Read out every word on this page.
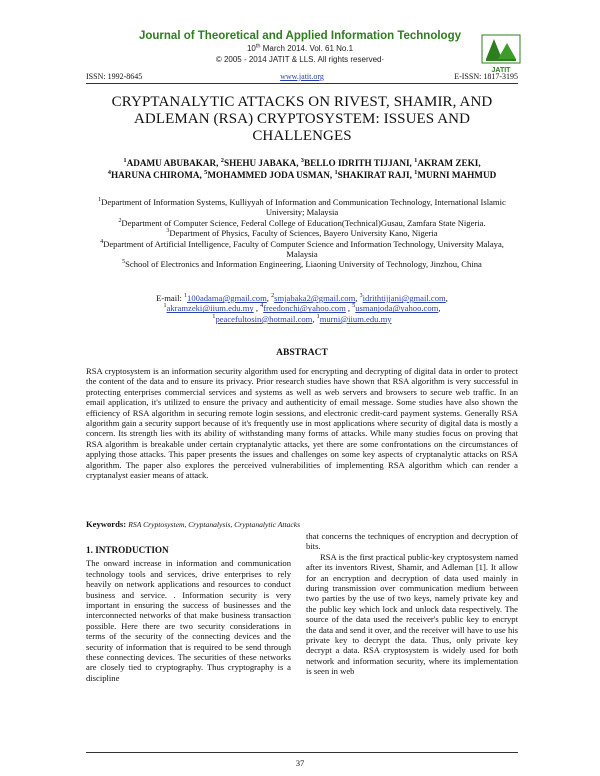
Journal of Theoretical and Applied Information Technology
10th March 2014. Vol. 61 No.1
© 2005 - 2014 JATIT & LLS. All rights reserved·
JATIT
ISSN: 1992-8645	www.jatit.org	E-ISSN: 1817-3195
CRYPTANALYTIC ATTACKS ON RIVEST, SHAMIR, AND ADLEMAN (RSA) CRYPTOSYSTEM: ISSUES AND CHALLENGES
$^1$ADAMU ABUBAKAR, $^2$SHEHU JABAKA, $^3$BELLO IDRITH TIJJANI, $^1$AKRAM ZEKI,
$^4$HARUNA CHIROMA, $^5$MOHAMMED JODA USMAN, $^1$SHAKIRAT RAJI, $^1$MURNI MAHMUD
$^1$Department of Information Systems, Kulliyyah of Information and Communication Technology, International Islamic University; Malaysia
$^2$Department of Computer Science, Federal College of Education(Technical)Gusau, Zamfara State Nigeria.
$^3$Department of Physics, Faculty of Sciences, Bayero University Kano, Nigeria
$^4$Department of Artificial Intelligence, Faculty of Computer Science and Information Technology, University Malaya, Malaysia
$^5$School of Electronics and Information Engineering, Liaoning University of Technology, Jinzhou, China
E-mail: $^1$100adama@gmail.com, $^2$smjabaka2@gmail.com, $^3$idrithtijjani@gmail.com,
$^1$akramzeki@iium.edu.my , $^4$freedonchi@yahoo.com , $^5$usmanjoda@yahoo.com,
$^1$peacefultosin@hotmail.com, $^1$murni@iium.edu.my
ABSTRACT
RSA cryptosystem is an information security algorithm used for encrypting and decrypting of digital data in order to protect the content of the data and to ensure its privacy. Prior research studies have shown that RSA algorithm is very successful in protecting enterprises commercial services and systems as well as web servers and browsers to secure web traffic. In an email application, it's utilized to ensure the privacy and authenticity of email message. Some studies have also shown the efficiency of RSA algorithm in securing remote login sessions, and electronic credit-card payment systems. Generally RSA algorithm gain a security support because of it's frequently use in most applications where security of digital data is mostly a concern. Its strength lies with its ability of withstanding many forms of attacks. While many studies focus on proving that RSA algorithm is breakable under certain cryptanalytic attacks, yet there are some confrontations on the circumstances of applying those attacks. This paper presents the issues and challenges on some key aspects of cryptanalytic attacks on RSA algorithm. The paper also explores the perceived vulnerabilities of implementing RSA algorithm which can render a cryptanalyst easier means of attack.
Keywords: RSA Cryptosystem, Cryptanalysis, Cryptanalytic Attacks
1. INTRODUCTION

The onward increase in information and communication technology tools and services, drive enterprises to rely heavily on network applications and resources to conduct business and service. . Information security is very important in ensuring the success of businesses and the interconnected networks of that make business transaction possible. Here there are two security considerations in terms of the security of the connecting devices and the security of information that is required to be send through these connecting devices. The securities of these networks are closely tied to cryptography. Thus cryptography is a discipline

that concerns the techniques of encryption and decryption of bits.

RSA is the first practical public-key cryptosystem named after its inventors Rivest, Shamir, and Adleman [1]. It allow for an encryption and decryption of data used mainly in during transmission over communication medium between two parties by the use of two keys, namely private key and the public key which lock and unlock data respectively. The source of the data used the receiver's public key to encrypt the data and send it over, and the receiver will have to use his private key to decrypt the data. Thus, only private key decrypt a data. RSA cryptosystem is widely used for both network and information security, where its implementation is seen in web

37
